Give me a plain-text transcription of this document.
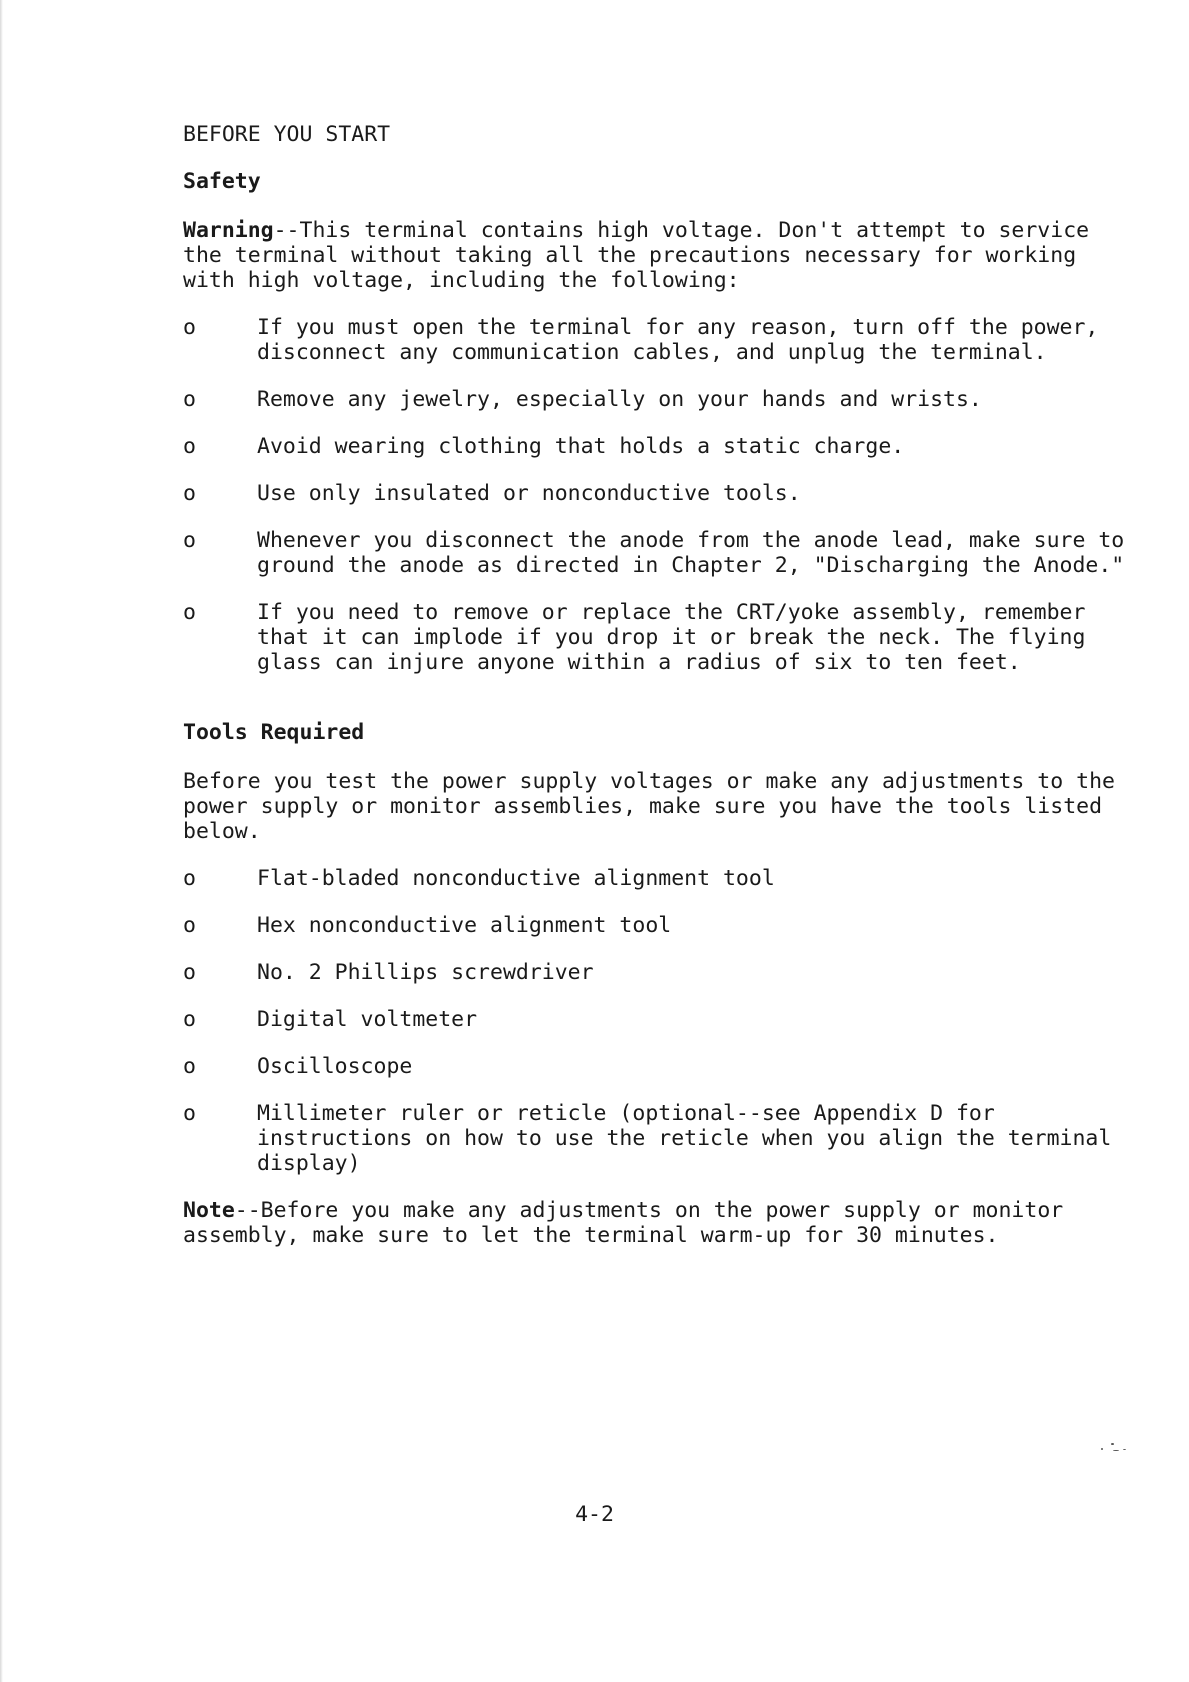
BEFORE YOU START
Safety

Warning--This terminal contains high voltage. Don't attempt to service the terminal without taking all the precautions necessary for working with high voltage, including the following:

o	If you must open the terminal for any reason, turn off the power, disconnect any communication cables, and unplug the terminal.
o	Remove any jewelry, especially on your hands and wrists.
o	Avoid wearing clothing that holds a static charge.
o	Use only insulated or nonconductive tools.
o	Whenever you disconnect the anode from the anode lead, make sure to ground the anode as directed in Chapter 2, "Discharging the Anode."
o	If you need to remove or replace the CRT/yoke assembly, remember that it can implode if you drop it or break the neck. The flying glass can injure anyone within a radius of six to ten feet.
Tools Required

Before you test the power supply voltages or make any adjustments to the power supply or monitor assemblies, make sure you have the tools listed below.

o	Flat-bladed nonconductive alignment tool
o	Hex nonconductive alignment tool
o	No. 2 Phillips screwdriver
o	Digital voltmeter
o	Oscilloscope
o	Millimeter ruler or reticle (optional--see Appendix D for instructions on how to use the reticle when you align the terminal display)

Note--Before you make any adjustments on the power supply or monitor assembly, make sure to let the terminal warm-up for 30 minutes.

4-2
